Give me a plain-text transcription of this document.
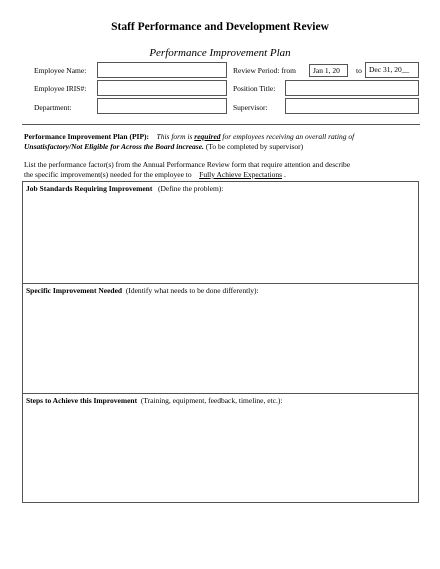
Staff Performance and Development Review
Performance Improvement Plan
Employee Name:
Employee IRIS#:
Department:
Review Period: from	Jan 1, 20	to Dec 31, 20__
Position Title:
Supervisor:
Performance Improvement Plan (PIP): This form is required for employees receiving an overall rating of
Unsatisfactory/Not Eligible for Across the Board increase. (To be completed by supervisor)
List the performance factor(s) from the Annual Performance Review form that require attention and describe
the specific improvement(s) needed for the employee to Fully Achieve Expectations .
Job Standards Requiring Improvement (Define the problem):
Specific Improvement Needed (Identify what needs to be done differently):
Steps to Achieve this Improvement (Training, equipment, feedback, timeline, etc.):
